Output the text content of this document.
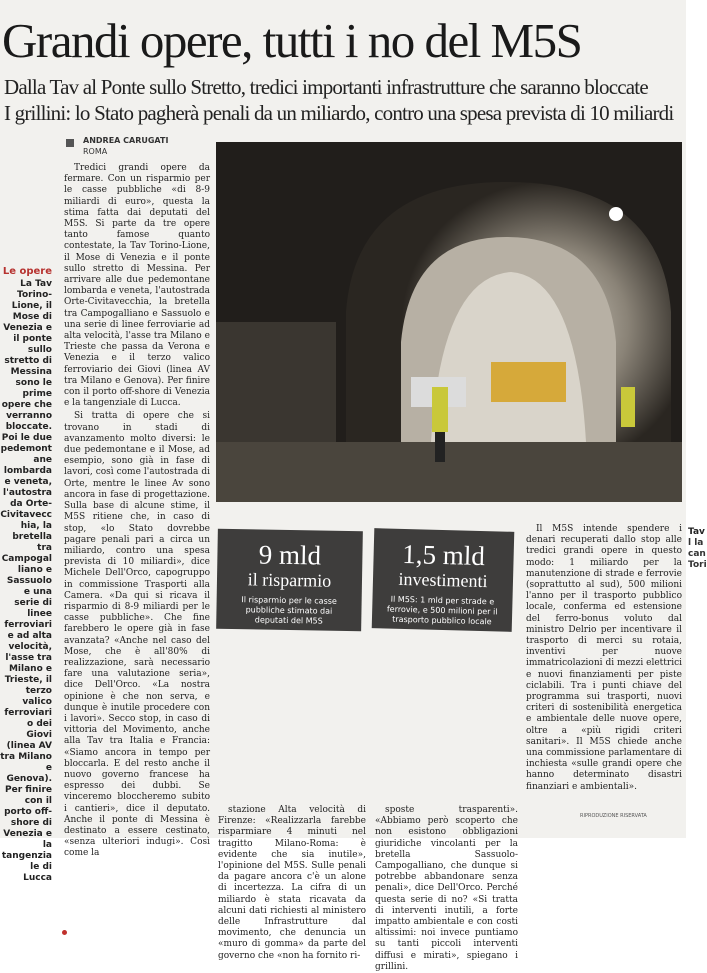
Grandi opere, tutti i no del M5S
Dalla Tav al Ponte sullo Stretto, tredici importanti infrastrutture che saranno bloccate
I grillini: lo Stato pagherà penali da un miliardo, contro una spesa prevista di 10 miliardi
ANDREA CARUGATI
ROMA
Le opere
La Tav Torino-Lione, il Mose di Venezia e il ponte sullo stretto di Messina sono le prime opere che verranno bloccate. Poi le due pedemontane lombarda e veneta, l'autostrada Orte-Civitavecchia, la bretella tra Campogalliano e Sassuolo e una serie di linee ferroviarie ad alta velocità, l'asse tra Milano e Trieste, il terzo valico ferroviario dei Giovi (linea AV tra Milano e Genova). Per finire con il porto off-shore di Venezia e la tangenziale di Lucca

Tredici grandi opere da fermare. Con un risparmio per le casse pubbliche «di 8-9 miliardi di euro», questa la stima fatta dai deputati del M5S. Si parte da tre opere tanto famose quanto contestate, la Tav Torino-Lione, il Mose di Venezia e il ponte sullo stretto di Messina. Per arrivare alle due pedemontane lombarda e veneta, l'autostrada Orte-Civitavecchia, la bretella tra Campogalliano e Sassuolo e una serie di linee ferroviarie ad alta velocità, l'asse tra Milano e Trieste che passa da Verona e Venezia e il terzo valico ferroviario dei Giovi (linea AV tra Milano e Genova). Per finire con il porto off-shore di Venezia e la tangenziale di Lucca.

Si tratta di opere che si trovano in stadi di avanzamento molto diversi: le due pedemontane e il Mose, ad esempio, sono già in fase di lavori, così come l'autostrada di Orte, mentre le linee Av sono ancora in fase di progettazione. Sulla base di alcune stime, il M5S ritiene che, in caso di stop, «lo Stato dovrebbe pagare penali pari a circa un miliardo, contro una spesa prevista di 10 miliardi», dice Michele Dell'Orco, capogruppo in commissione Trasporti alla Camera. «Da qui si ricava il risparmio di 8-9 miliardi per le casse pubbliche». Che fine farebbero le opere già in fase avanzata? «Anche nel caso del Mose, che è all'80% di realizzazione, sarà necessario fare una valutazione seria», dice Dell'Orco. «La nostra opinione è che non serva, e dunque è inutile procedere con i lavori». Secco stop, in caso di vittoria del Movimento, anche alla Tav tra Italia e Francia: «Siamo ancora in tempo per bloccarla. E del resto anche il nuovo governo francese ha espresso dei dubbi. Se vinceremo bloccheremo subito i cantieri», dice il deputato. Anche il ponte di Messina è destinato a essere cestinato, «senza ulteriori indugi». Così come la

9 mld
il risparmio
Il risparmio per le casse pubbliche stimato dai deputati del M5S
1,5 mld
investimenti
Il M5S: 1 mld per strade e ferrovie, e 500 milioni per il trasporto pubblico locale

stazione Alta velocità di Firenze: «Realizzarla farebbe risparmiare 4 minuti nel tragitto Milano-Roma: è evidente che sia inutile», l'opinione del M5S. Sulle penali da pagare ancora c'è un alone di incertezza. La cifra di un miliardo è stata ricavata da alcuni dati richiesti al ministero delle Infrastrutture dal movimento, che denuncia un «muro di gomma» da parte del governo che «non ha fornito ri-

sposte trasparenti». «Abbiamo però scoperto che non esistono obbligazioni giuridiche vincolanti per la bretella Sassuolo-Campogalliano, che dunque si potrebbe abbandonare senza penali», dice Dell'Orco. Perché questa serie di no? «Si tratta di interventi inutili, a forte impatto ambientale e con costi altissimi: noi invece puntiamo su tanti piccoli interventi diffusi e mirati», spiegano i grillini.

Il M5S intende spendere i denari recuperati dallo stop alle tredici grandi opere in questo modo: 1 miliardo per la manutenzione di strade e ferrovie (soprattutto al sud), 500 milioni l'anno per il trasporto pubblico locale, conferma ed estensione del ferro-bonus voluto dal ministro Delrio per incentivare il trasporto di merci su rotaia, inventivi per nuove immatricolazioni di mezzi elettrici e nuovi finanziamenti per piste ciclabili. Tra i punti chiave del programma sui trasporti, nuovi criteri di sostenibilità energetica e ambientale delle nuove opere, oltre a «più rigidi criteri sanitari». Il M5S chiede anche una commissione parlamentare di inchiesta «sulle grandi opere che hanno determinato disastri finanziari e ambientali».

RIPRODUZIONE RISERVATA
Tav
l la
can
Tori
